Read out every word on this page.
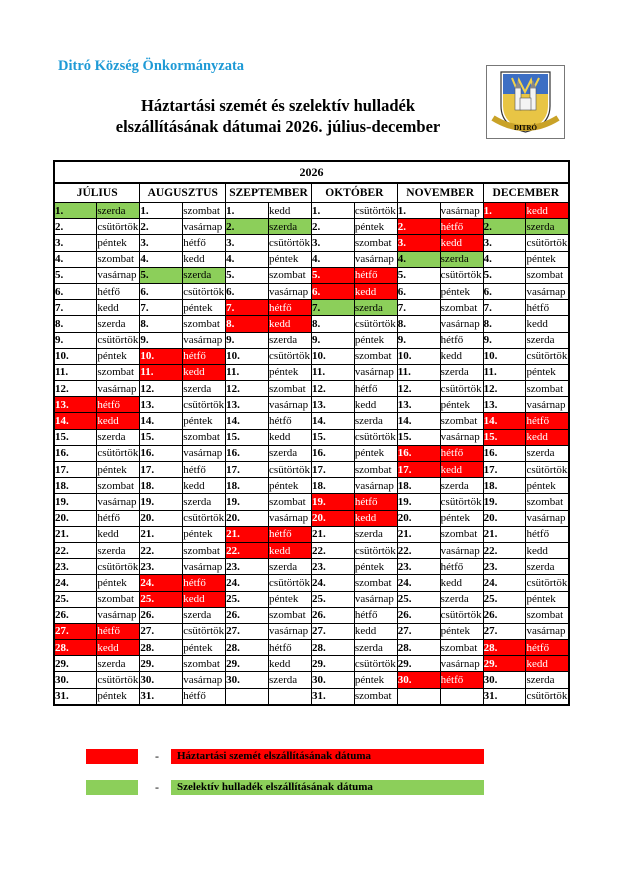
Ditró Község Önkormányzata
Háztartási szemét és szelektív hulladék
elszállításának dátumai 2026. július-december	DITRÓ
2026											
JÚLIUS		AUGUSZTUS		SZEPTEMBER		OKTÓBER		NOVEMBER		DECEMBER	
1.	szerda	1.	szombat	1.	kedd	1.	csütörtök	1.	vasárnap	1.	kedd
2.	csütörtök	2.	vasárnap	2.	szerda	2.	péntek	2.	hétfő	2.	szerda
3.	péntek	3.	hétfő	3.	csütörtök	3.	szombat	3.	kedd	3.	csütörtök
4.	szombat	4.	kedd	4.	péntek	4.	vasárnap	4.	szerda	4.	péntek
5.	vasárnap	5.	szerda	5.	szombat	5.	hétfő	5.	csütörtök	5.	szombat
6.	hétfő	6.	csütörtök	6.	vasárnap	6.	kedd	6.	péntek	6.	vasárnap
7.	kedd	7.	péntek	7.	hétfő	7.	szerda	7.	szombat	7.	hétfő
8.	szerda	8.	szombat	8.	kedd	8.	csütörtök	8.	vasárnap	8.	kedd
9.	csütörtök	9.	vasárnap	9.	szerda	9.	péntek	9.	hétfő	9.	szerda
10.	péntek	10.	hétfő	10.	csütörtök	10.	szombat	10.	kedd	10.	csütörtök
11.	szombat	11.	kedd	11.	péntek	11.	vasárnap	11.	szerda	11.	péntek
12.	vasárnap	12.	szerda	12.	szombat	12.	hétfő	12.	csütörtök	12.	szombat
13.	hétfő	13.	csütörtök	13.	vasárnap	13.	kedd	13.	péntek	13.	vasárnap
14.	kedd	14.	péntek	14.	hétfő	14.	szerda	14.	szombat	14.	hétfő
15.	szerda	15.	szombat	15.	kedd	15.	csütörtök	15.	vasárnap	15.	kedd
16.	csütörtök	16.	vasárnap	16.	szerda	16.	péntek	16.	hétfő	16.	szerda
17.	péntek	17.	hétfő	17.	csütörtök	17.	szombat	17.	kedd	17.	csütörtök
18.	szombat	18.	kedd	18.	péntek	18.	vasárnap	18.	szerda	18.	péntek
19.	vasárnap	19.	szerda	19.	szombat	19.	hétfő	19.	csütörtök	19.	szombat
20.	hétfő	20.	csütörtök	20.	vasárnap	20.	kedd	20.	péntek	20.	vasárnap
21.	kedd	21.	péntek	21.	hétfő	21.	szerda	21.	szombat	21.	hétfő
22.	szerda	22.	szombat	22.	kedd	22.	csütörtök	22.	vasárnap	22.	kedd
23.	csütörtök	23.	vasárnap	23.	szerda	23.	péntek	23.	hétfő	23.	szerda
24.	péntek	24.	hétfő	24.	csütörtök	24.	szombat	24.	kedd	24.	csütörtök
25.	szombat	25.	kedd	25.	péntek	25.	vasárnap	25.	szerda	25.	péntek
26.	vasárnap	26.	szerda	26.	szombat	26.	hétfő	26.	csütörtök	26.	szombat
27.	hétfő	27.	csütörtök	27.	vasárnap	27.	kedd	27.	péntek	27.	vasárnap
28.	kedd	28.	péntek	28.	hétfő	28.	szerda	28.	szombat	28.	hétfő
29.	szerda	29.	szombat	29.	kedd	29.	csütörtök	29.	vasárnap	29.	kedd
30.	csütörtök	30.	vasárnap	30.	szerda	30.	péntek	30.	hétfő	30.	szerda
31.	péntek	31.	hétfő			31.	szombat			31.	csütörtök
-	Háztartási szemét elszállításának dátuma
-	Szelektív hulladék elszállításának dátuma
